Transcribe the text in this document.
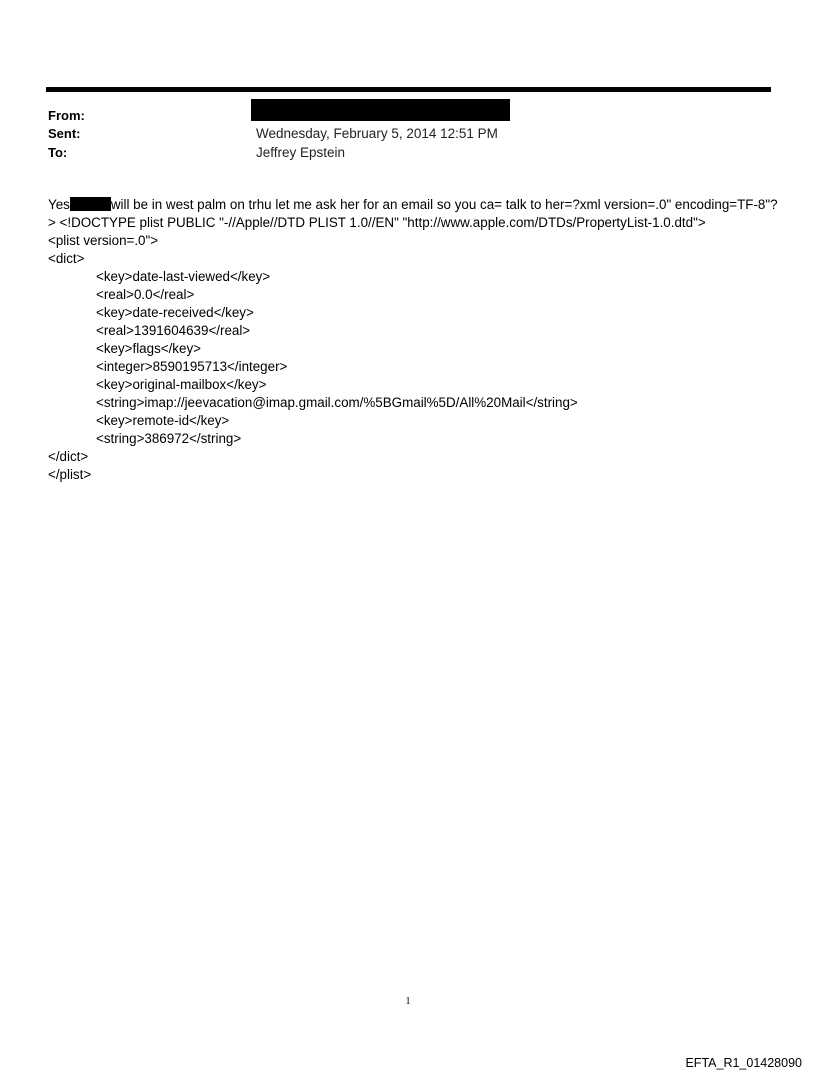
From:
Sent:	Wednesday, February 5, 2014 12:51 PM
To:	Jeffrey Epstein
Yes	will be in west palm on trhu let me ask her for an email so you ca= talk to her=?xml version=.0" encoding=TF-8"?> <!DOCTYPE plist PUBLIC "-//Apple//DTD PLIST 1.0//EN" "http://www.apple.com/DTDs/PropertyList-1.0.dtd">
<plist version=.0">
<dict>
<key>date-last-viewed</key>
<real>0.0</real>
<key>date-received</key>
<real>1391604639</real>
<key>flags</key>
<integer>8590195713</integer>
<key>original-mailbox</key>
<string>imap://jeevacation@imap.gmail.com/%5BGmail%5D/All%20Mail</string>
<key>remote-id</key>
<string>386972</string>
</dict>
</plist>
1
EFTA_R1_01428090
